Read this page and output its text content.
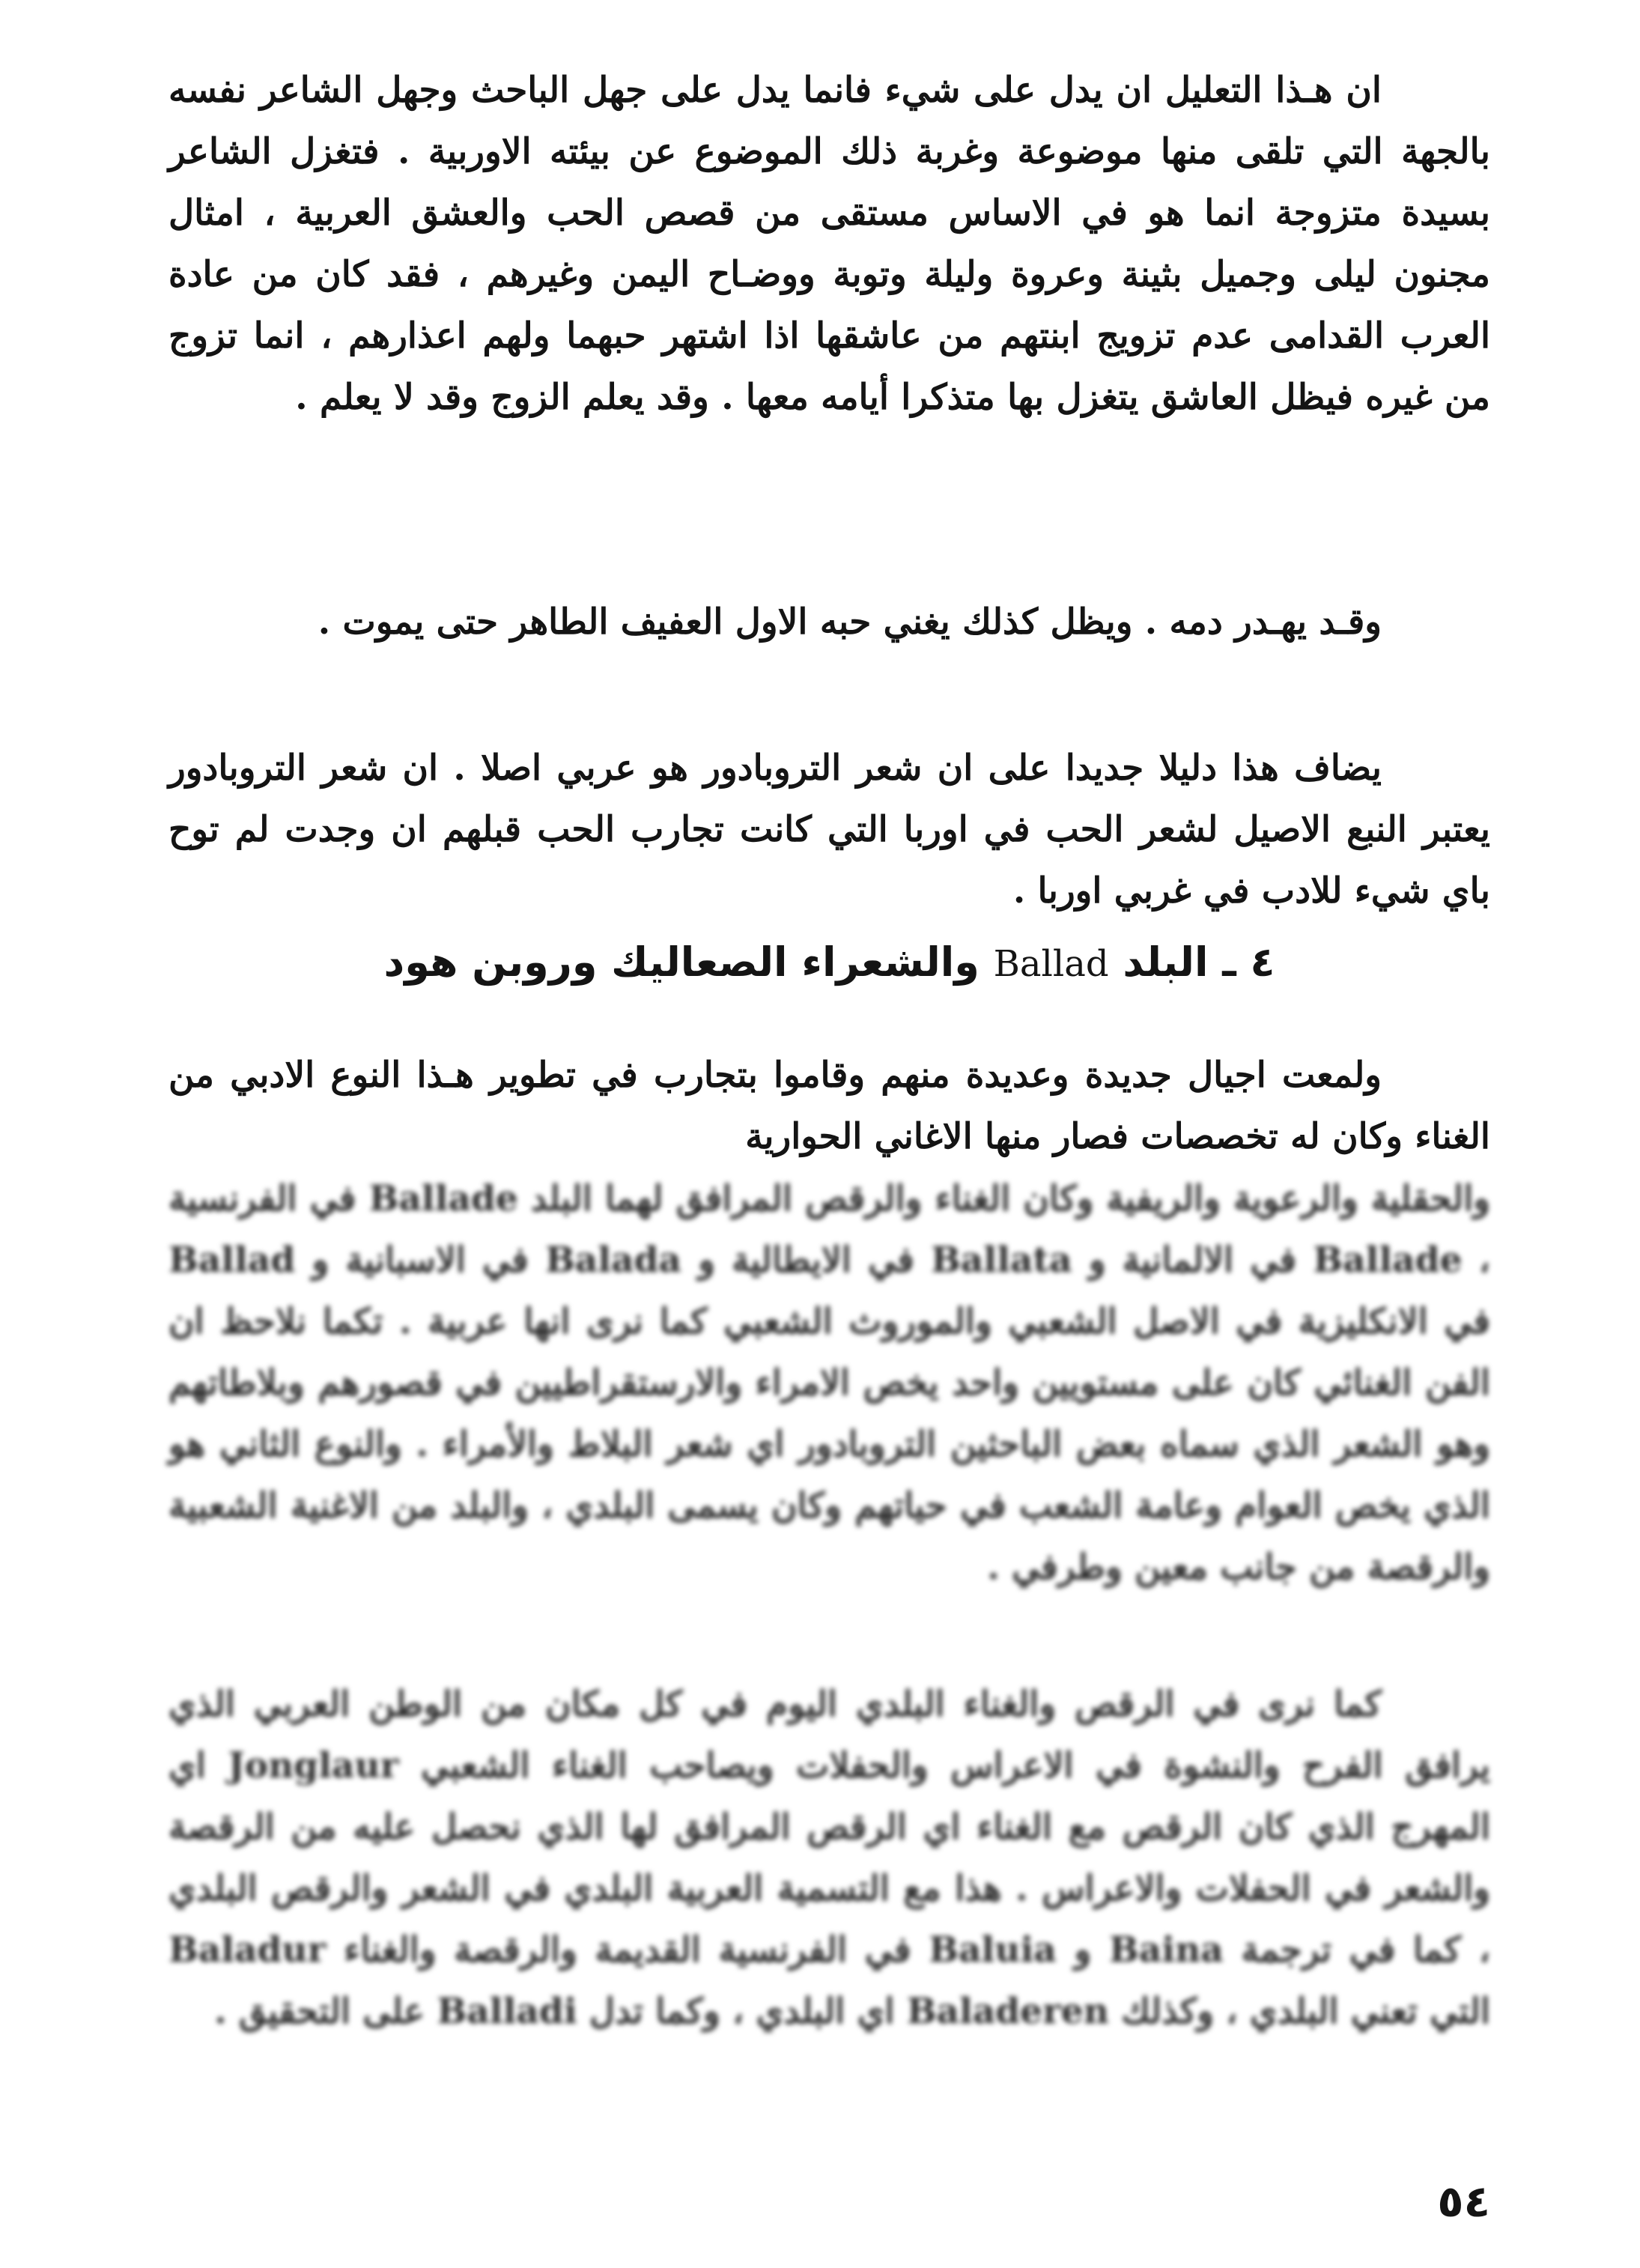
ان هـذا التعليل ان يدل على شيء فانما يدل على جهل الباحث وجهل الشاعر نفسه بالجهة التي تلقى منها موضوعة وغربة ذلك الموضوع عن بيئته الاوربية . فتغزل الشاعر بسيدة متزوجة انما هو في الاساس مستقى من قصص الحب والعشق العربية ، امثال مجنون ليلى وجميل بثينة وعروة وليلة وتوبة ووضـاح اليمن وغيرهم ، فقد كان من عادة العرب القدامى عدم تزويج ابنتهم من عاشقها اذا اشتهر حبهما ولهم اعذارهم ، انما تزوج من غيره فيظل العاشق يتغزل بها متذكرا أيامه معها . وقد يعلم الزوج وقد لا يعلم .

وقـد يهـدر دمه . ويظل كذلك يغني حبه الاول العفيف الطاهر حتى يموت .

يضاف هذا دليلا جديدا على ان شعر التروبادور هو عربي اصلا . ان شعر التروبادور يعتبر النبع الاصيل لشعر الحب في اوربا التي كانت تجارب الحب قبلهم ان وجدت لم توح باي شيء للادب في غربي اوربا .

٤ ـ البلد Ballad والشعراء الصعاليك وروبن هود

ولمعت اجيال جديدة وعديدة منهم وقاموا بتجارب في تطوير هـذا النوع الادبي من الغناء وكان له تخصصات فصار منها الاغاني الحوارية

والحقلية والرعوية والريفية وكان الغناء والرقص المرافق لهما البلد Ballade في الفرنسية ، Ballade في الالمانية و Ballata في الايطالية و Balada في الاسبانية و Ballad في الانكليزية في الاصل الشعبي والموروث الشعبي كما نرى انها عربية . تكما نلاحظ ان الفن الغنائي كان على مستويين واحد يخص الامراء والارستقراطيين في قصورهم وبلاطاتهم وهو الشعر الذي سماه بعض الباحثين التروبادور اي شعر البلاط والأمراء . والنوع الثاني هو الذي يخص العوام وعامة الشعب في حياتهم وكان يسمى البلدي ، والبلد من الاغنية الشعبية والرقصة من جانب معين وطرفي .

كما نرى في الرقص والغناء البلدي اليوم في كل مكان من الوطن العربي الذي يرافق الفرح والنشوة في الاعراس والحفلات ويصاحب الغناء الشعبي Jonglaur اي المهرج الذي كان الرقص مع الغناء اي الرقص المرافق لها الذي نحصل عليه من الرقصة والشعر في الحفلات والاعراس . هذا مع التسمية العربية البلدي في الشعر والرقص البلدي ، كما في ترجمة Baina و Baluia في الفرنسية القديمة والرقصة والغناء Baladur التي تعني البلدي ، وكذلك Baladeren اي البلدي ، وكما تدل Balladi على التحقيق .

٥٤
